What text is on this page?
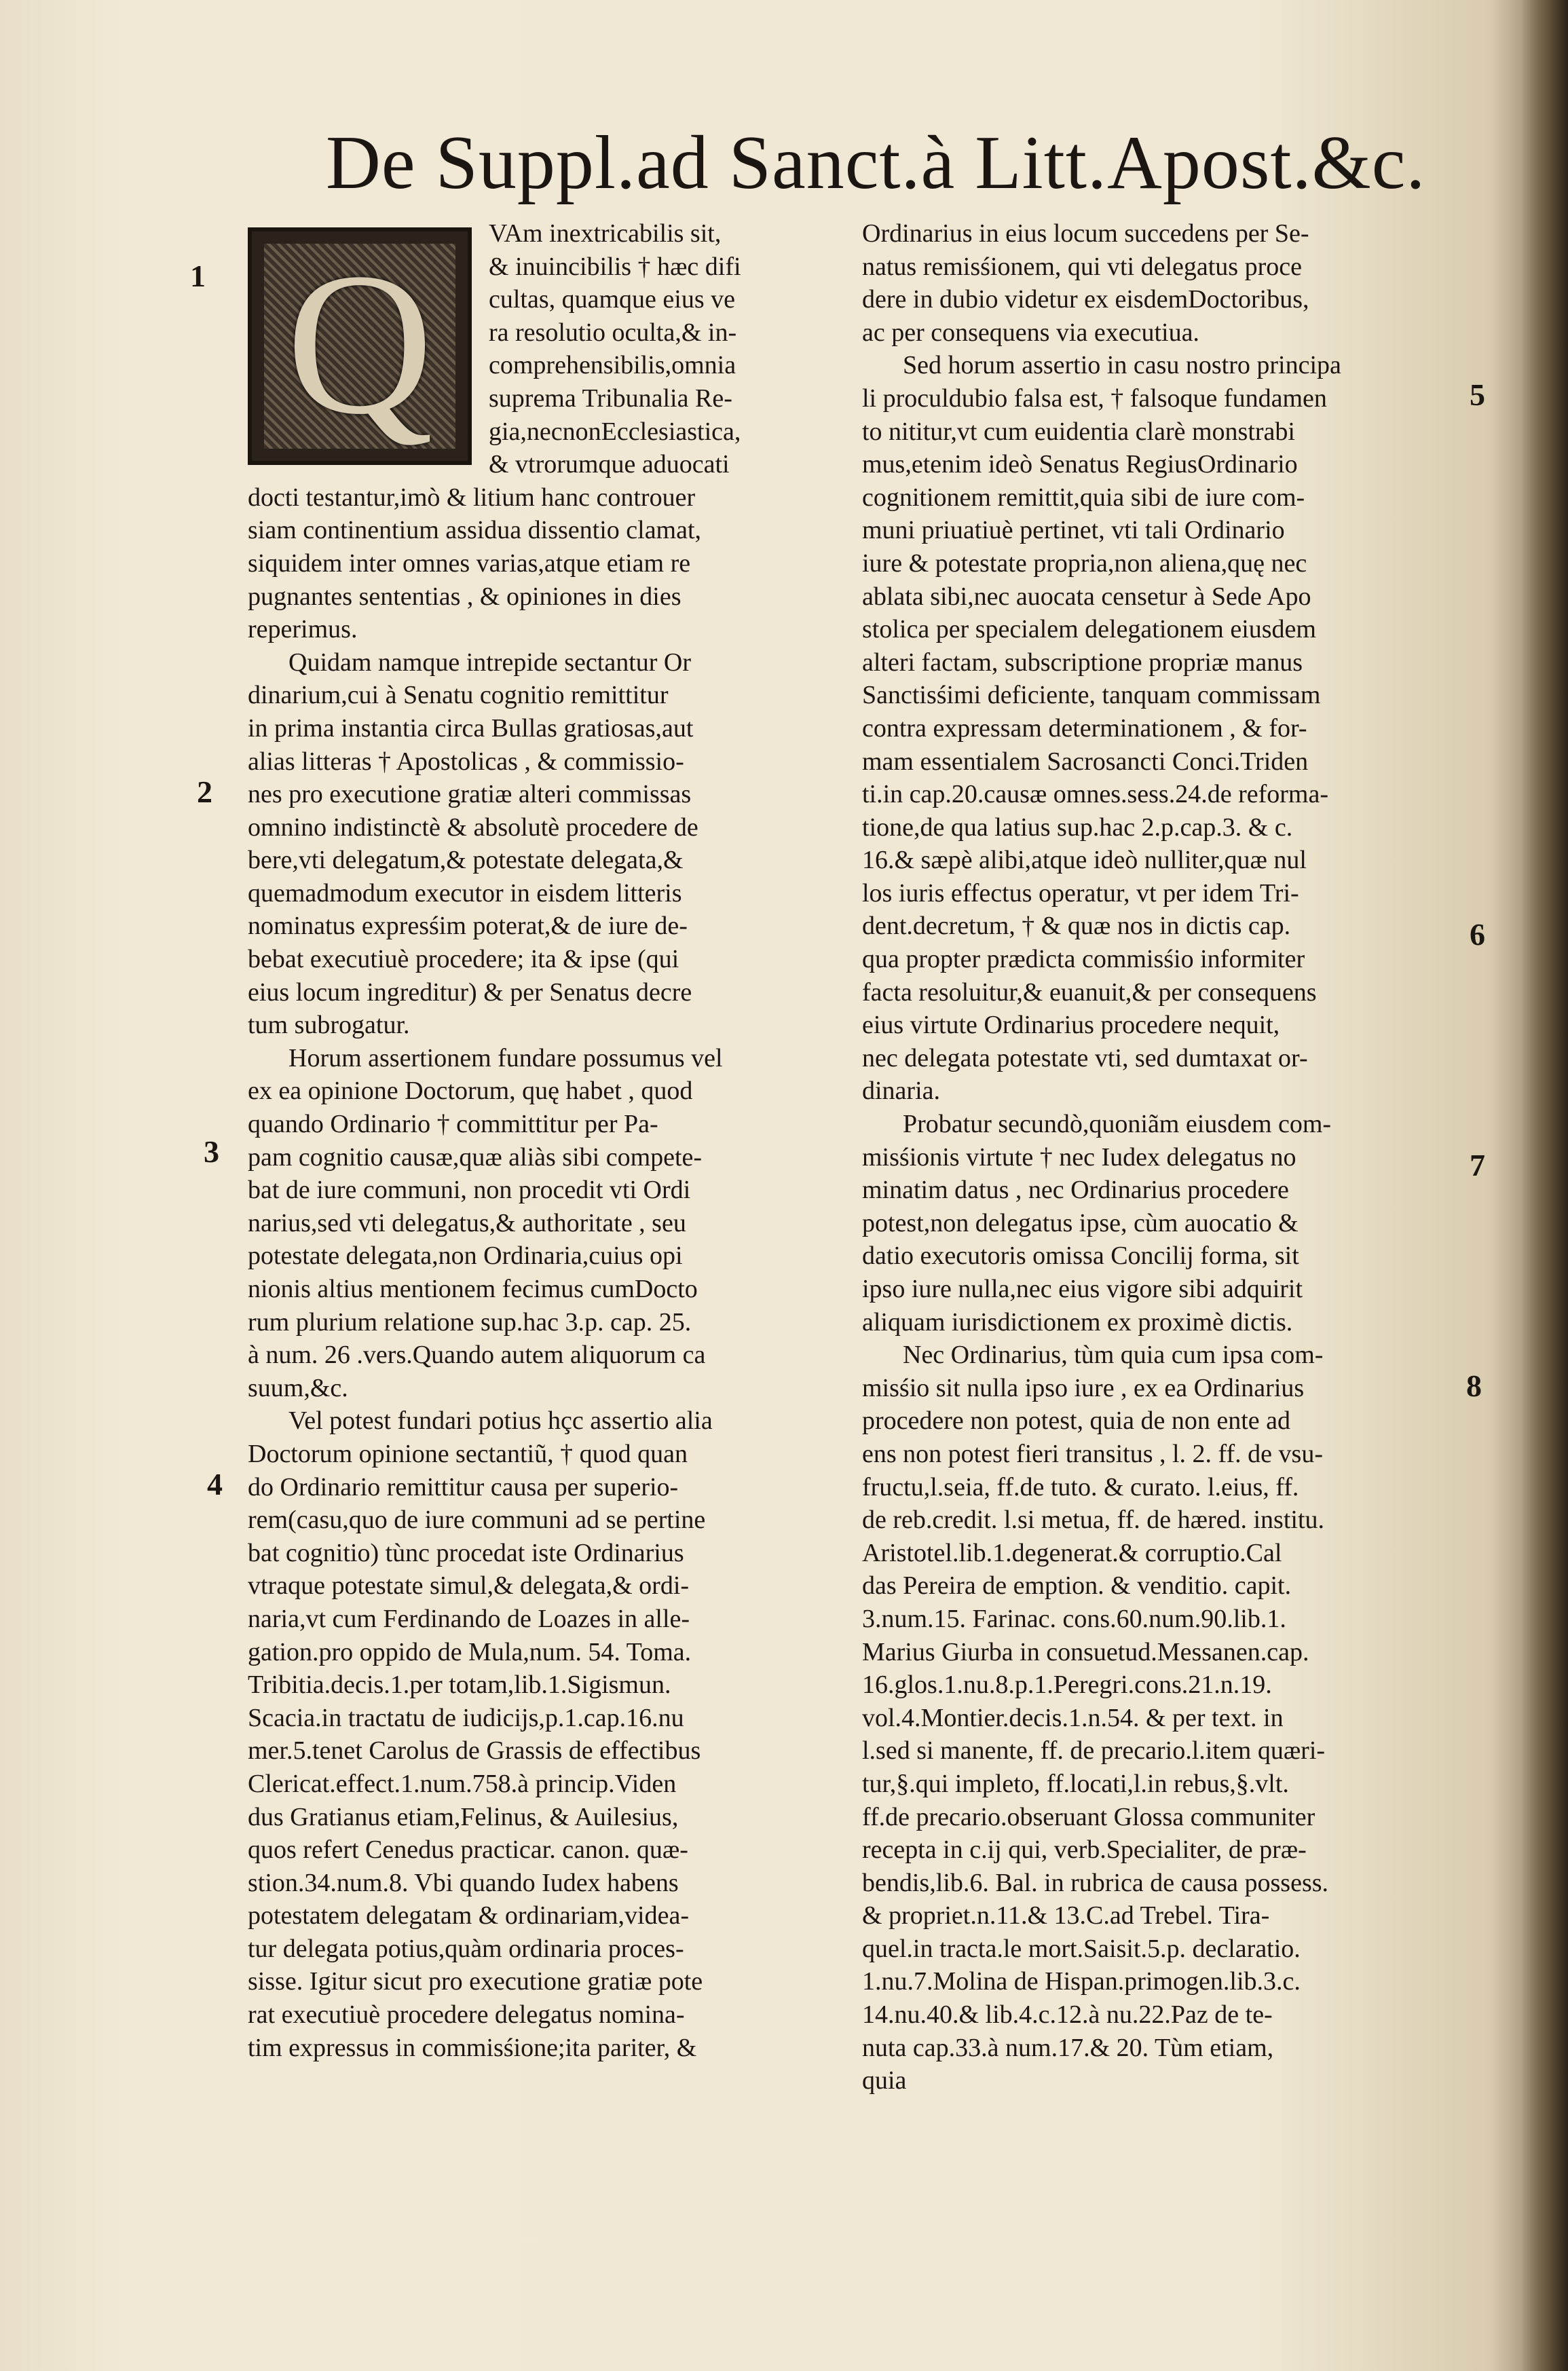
De Suppl.ad Sanct.à Litt.Apost.&c.
Q	VAm inextricabilis sit,
& inuincibilis † hæc difi
cultas, quamque eius ve
ra resolutio oculta,& in-
comprehensibilis,omnia
suprema Tribunalia Re-
gia,necnonEcclesiastica,
& vtrorumque aduocati
docti testantur,imò & litium hanc controuer
siam continentium assidua dissentio clamat,
siquidem inter omnes varias,atque etiam re
pugnantes sententias , & opiniones in dies
reperimus.
Quidam namque intrepide sectantur Or
dinarium,cui à Senatu cognitio remittitur
in prima instantia circa Bullas gratiosas,aut
alias litteras † Apostolicas , & commissio-
nes pro executione gratiæ alteri commissas
omnino indistinctè & absolutè procedere de
bere,vti delegatum,& potestate delegata,&
quemadmodum executor in eisdem litteris
nominatus expresśim poterat,& de iure de-
bebat executiuè procedere; ita & ipse (qui
eius locum ingreditur) & per Senatus decre
tum subrogatur.
Horum assertionem fundare possumus vel
ex ea opinione Doctorum, quę habet , quod
quando Ordinario † committitur per Pa-
pam cognitio causæ,quæ aliàs sibi compete-
bat de iure communi, non procedit vti Ordi
narius,sed vti delegatus,& authoritate , seu
potestate delegata,non Ordinaria,cuius opi
nionis altius mentionem fecimus cumDocto
rum plurium relatione sup.hac 3.p. cap. 25.
à num. 26 .vers.Quando autem aliquorum ca
suum,&c.
Vel potest fundari potius hçc assertio alia
Doctorum opinione sectantiũ, † quod quan
do Ordinario remittitur causa per superio-
rem(casu,quo de iure communi ad se pertine
bat cognitio) tùnc procedat iste Ordinarius
vtraque potestate simul,& delegata,& ordi-
naria,vt cum Ferdinando de Loazes in alle-
gation.pro oppido de Mula,num. 54. Toma.
Tribitia.decis.1.per totam,lib.1.Sigismun.
Scacia.in tractatu de iudicijs,p.1.cap.16.nu
mer.5.tenet Carolus de Grassis de effectibus
Clericat.effect.1.num.758.à princip.Viden
dus Gratianus etiam,Felinus, & Auilesius,
quos refert Cenedus practicar. canon. quæ-
stion.34.num.8. Vbi quando Iudex habens
potestatem delegatam & ordinariam,videa-
tur delegata potius,quàm ordinaria proces-
sisse. Igitur sicut pro executione gratiæ pote
rat executiuè procedere delegatus nomina-
tim expressus in commisśione;ita pariter, &
Ordinarius in eius locum succedens per Se-
natus remisśionem, qui vti delegatus proce
dere in dubio videtur ex eisdemDoctoribus,
ac per consequens via executiua.
Sed horum assertio in casu nostro principa
li proculdubio falsa est, † falsoque fundamen
to nititur,vt cum euidentia clarè monstrabi
mus,etenim ideò Senatus RegiusOrdinario
cognitionem remittit,quia sibi de iure com-
muni priuatiuè pertinet, vti tali Ordinario
iure & potestate propria,non aliena,quę nec
ablata sibi,nec auocata censetur à Sede Apo
stolica per specialem delegationem eiusdem
alteri factam, subscriptione propriæ manus
Sanctisśimi deficiente, tanquam commissam
contra expressam determinationem , & for-
mam essentialem Sacrosancti Conci.Triden
ti.in cap.20.causæ omnes.sess.24.de reforma-
tione,de qua latius sup.hac 2.p.cap.3. & c.
16.& sæpè alibi,atque ideò nulliter,quæ nul
los iuris effectus operatur, vt per idem Tri-
dent.decretum, † & quæ nos in dictis cap.
qua propter prædicta commisśio informiter
facta resoluitur,& euanuit,& per consequens
eius virtute Ordinarius procedere nequit,
nec delegata potestate vti, sed dumtaxat or-
dinaria.
Probatur secundò,quoniãm eiusdem com-
misśionis virtute † nec Iudex delegatus no
minatim datus , nec Ordinarius procedere
potest,non delegatus ipse, cùm auocatio &
datio executoris omissa Concilij forma, sit
ipso iure nulla,nec eius vigore sibi adquirit
aliquam iurisdictionem ex proximè dictis.
Nec Ordinarius, tùm quia cum ipsa com-
misśio sit nulla ipso iure , ex ea Ordinarius
procedere non potest, quia de non ente ad
ens non potest fieri transitus , l. 2. ff. de vsu-
fructu,l.seia, ff.de tuto. & curato. l.eius, ff.
de reb.credit. l.si metua, ff. de hæred. institu.
Aristotel.lib.1.degenerat.& corruptio.Cal
das Pereira de emption. & venditio. capit.
3.num.15. Farinac. cons.60.num.90.lib.1.
Marius Giurba in consuetud.Messanen.cap.
16.glos.1.nu.8.p.1.Peregri.cons.21.n.19.
vol.4.Montier.decis.1.n.54. & per text. in
l.sed si manente, ff. de precario.l.item quæri-
tur,§.qui impleto, ff.locati,l.in rebus,§.vlt.
ff.de precario.obseruant Glossa communiter
recepta in c.ij qui, verb.Specialiter, de præ-
bendis,lib.6. Bal. in rubrica de causa possess.
& propriet.n.11.& 13.C.ad Trebel. Tira-
quel.in tracta.le mort.Saisit.5.p. declaratio.
1.nu.7.Molina de Hispan.primogen.lib.3.c.
14.nu.40.& lib.4.c.12.à nu.22.Paz de te-
nuta cap.33.à num.17.& 20. Tùm etiam,
quia
1
2
3
4
5
6
7
8
